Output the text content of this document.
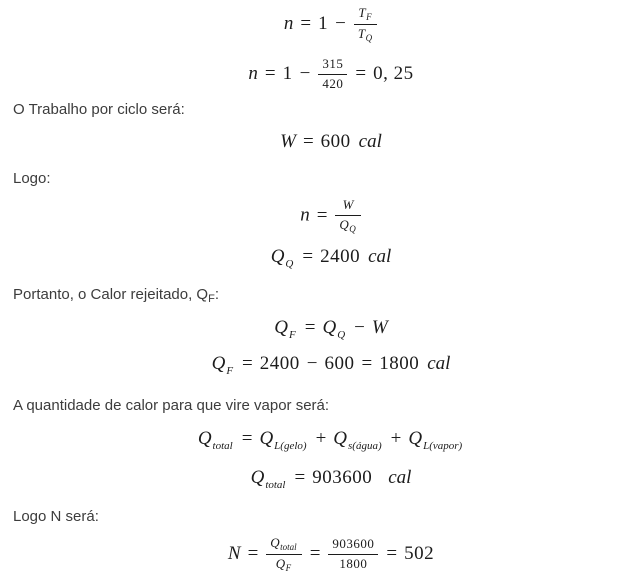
$n = 1 - \frac{T_F}{T_Q}$
$n = 1 - \frac{315}{420} = 0$, 25
O Trabalho por ciclo será:
W = 600 cal
Logo:
$n = \frac{W}{Q_Q}$
$Q_Q = 2400$ cal
Portanto, o Calor rejeitado, $Q_F$:
$Q_F = Q_Q - W$
$Q_F = 2400 - 600 = 1800$ cal
A quantidade de calor para que vire vapor será:
$Q_{total} = Q_{L(gelo)} + Q_{s(água)} + Q_{L(vapor)}$
$Q_{total} = 903600$ cal
Logo N será:
$N = \frac{Q_{total}}{Q_F} = \frac{903600}{1800} = 502$
